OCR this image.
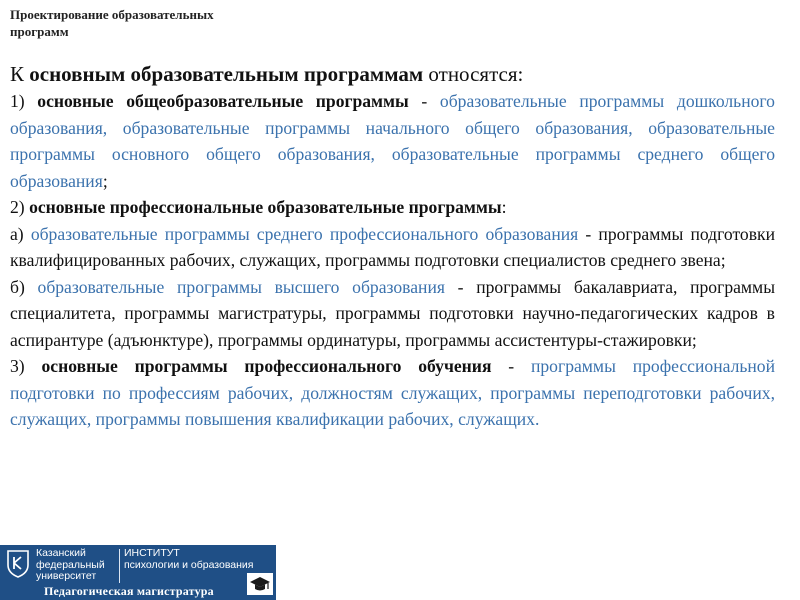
Проектирование образовательных
программ

К основным образовательным программам относятся:

1) основные общеобразовательные программы - образовательные программы дошкольного образования, образовательные программы начального общего образования, образовательные программы основного общего образования, образовательные программы среднего общего образования;

2) основные профессиональные образовательные программы:

а) образовательные программы среднего профессионального образования - программы подготовки квалифицированных рабочих, служащих, программы подготовки специалистов среднего звена;

б) образовательные программы высшего образования - программы бакалавриата, программы специалитета, программы магистратуры, программы подготовки научно-педагогических кадров в аспирантуре (адъюнктуре), программы ординатуры, программы ассистентуры-стажировки;

3) основные программы профессионального обучения - программы профессиональной подготовки по профессиям рабочих, должностям служащих, программы переподготовки рабочих, служащих, программы повышения квалификации рабочих, служащих.

Казанский
федеральный
университет
ИНСТИТУТ
психологии и образования
Педагогическая магистратура
